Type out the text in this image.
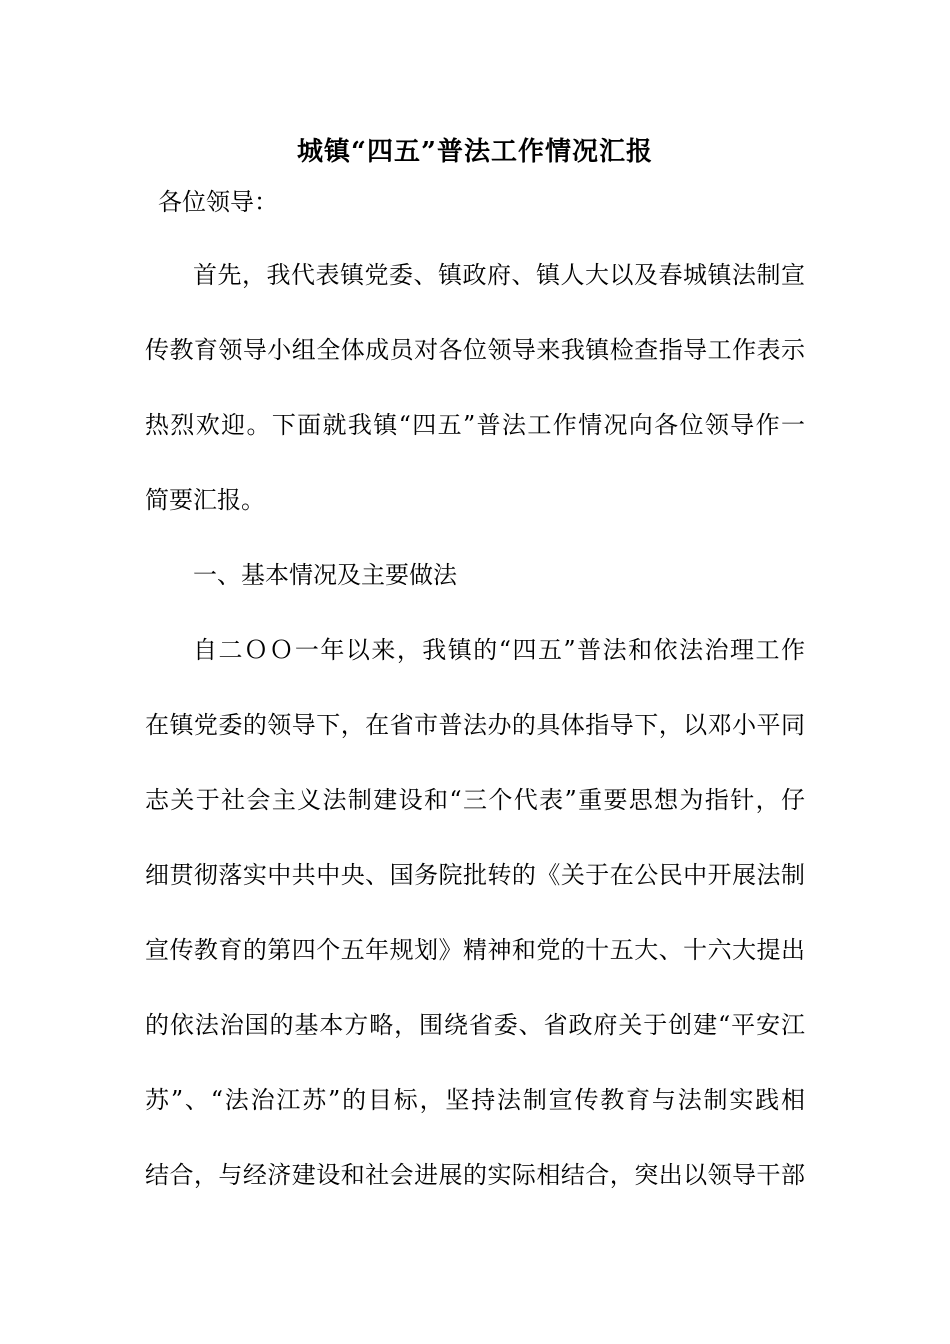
城镇“四五”普法工作情况汇报
各位领导：
首先，我代表镇党委、镇政府、镇人大以及春城镇法制宣
传教育领导小组全体成员对各位领导来我镇检查指导工作表示
热烈欢迎。下面就我镇“四五”普法工作情况向各位领导作一
简要汇报。
一、基本情况及主要做法
自二ＯＯ一年以来，我镇的“四五”普法和依法治理工作
在镇党委的领导下，在省市普法办的具体指导下，以邓小平同
志关于社会主义法制建设和“三个代表”重要思想为指针，仔
细贯彻落实中共中央、国务院批转的《关于在公民中开展法制
宣传教育的第四个五年规划》精神和党的十五大、十六大提出
的依法治国的基本方略，围绕省委、省政府关于创建“平安江
苏”、“法治江苏”的目标，坚持法制宣传教育与法制实践相
结合，与经济建设和社会进展的实际相结合，突出以领导干部
